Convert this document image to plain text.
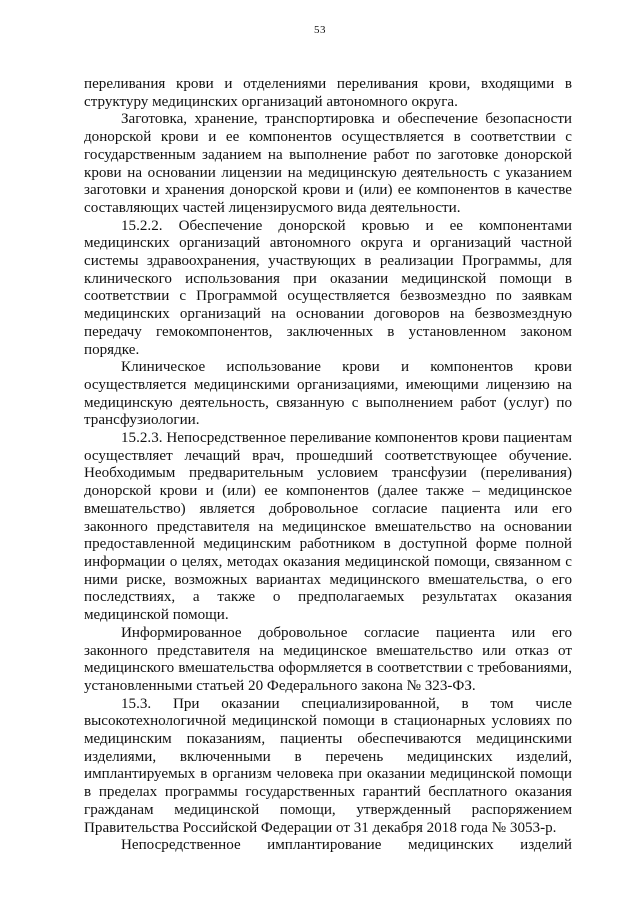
53

переливания крови и отделениями переливания крови, входящими в структуру медицинских организаций автономного округа.

Заготовка, хранение, транспортировка и обеспечение безопасности донорской крови и ее компонентов осуществляется в соответствии с государственным заданием на выполнение работ по заготовке донорской крови на основании лицензии на медицинскую деятельность с указанием заготовки и хранения донорской крови и (или) ее компонентов в качестве составляющих частей лицензирусмого вида деятельности.

15.2.2. Обеспечение донорской кровью и ее компонентами медицинских организаций автономного округа и организаций частной системы здравоохранения, участвующих в реализации Программы, для клинического использования при оказании медицинской помощи в соответствии с Программой осуществляется безвозмездно по заявкам медицинских организаций на основании договоров на безвозмездную передачу гемокомпонентов, заключенных в установленном законом порядке.

Клиническое использование крови и компонентов крови осуществляется медицинскими организациями, имеющими лицензию на медицинскую деятельность, связанную с выполнением работ (услуг) по трансфузиологии.

15.2.3. Непосредственное переливание компонентов крови пациентам осуществляет лечащий врач, прошедший соответствующее обучение. Необходимым предварительным условием трансфузии (переливания) донорской крови и (или) ее компонентов (далее также – медицинское вмешательство) является добровольное согласие пациента или его законного представителя на медицинское вмешательство на основании предоставленной медицинским работником в доступной форме полной информации о целях, методах оказания медицинской помощи, связанном с ними риске, возможных вариантах медицинского вмешательства, о его последствиях, а также о предполагаемых результатах оказания медицинской помощи.

Информированное добровольное согласие пациента или его законного представителя на медицинское вмешательство или отказ от медицинского вмешательства оформляется в соответствии с требованиями, установленными статьей 20 Федерального закона № 323-ФЗ.

15.3. При оказании специализированной, в том числе высокотехнологичной медицинской помощи в стационарных условиях по медицинским показаниям, пациенты обеспечиваются медицинскими изделиями, включенными в перечень медицинских изделий, имплантируемых в организм человека при оказании медицинской помощи в пределах программы государственных гарантий бесплатного оказания гражданам медицинской помощи, утвержденный распоряжением Правительства Российской Федерации от 31 декабря 2018 года № 3053-р.

Непосредственное имплантирование медицинских изделий
